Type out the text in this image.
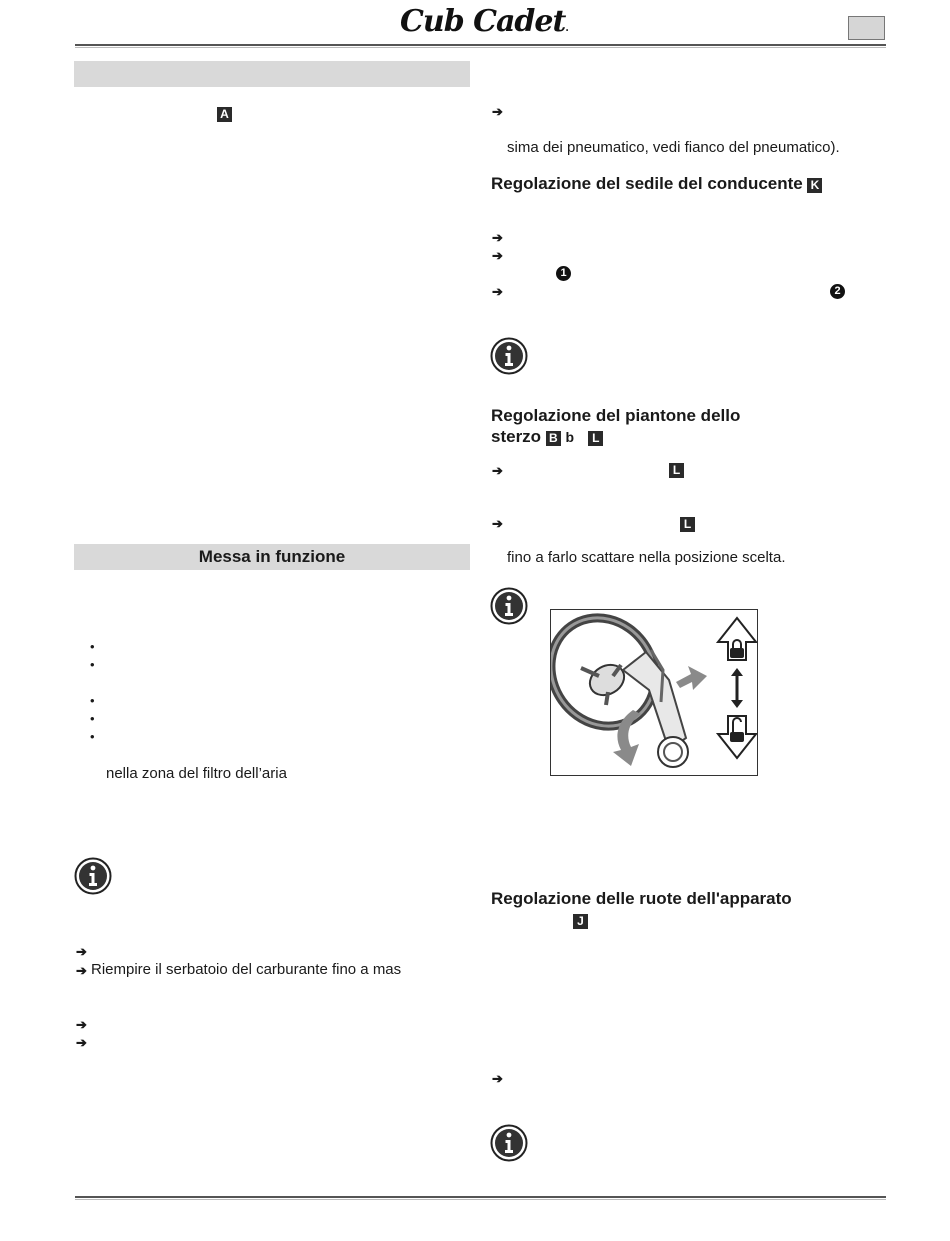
Cub Cadet.
A
Messa in funzione
•
•
•
•
•
nella zona del filtro dell’aria
➔
➔ Riempire il serbatoio del carburante fino a mas
➔
➔
➔
sima dei pneumatico, vedi fianco del pneumatico).
Regolazione del sedile del conducente K
➔
➔
1
➔	2
Regolazione del piantone dello
sterzo B b L
➔	L
➔	L
fino a farlo scattare nella posizione scelta.
Regolazione delle ruote dell'apparato
J
➔
